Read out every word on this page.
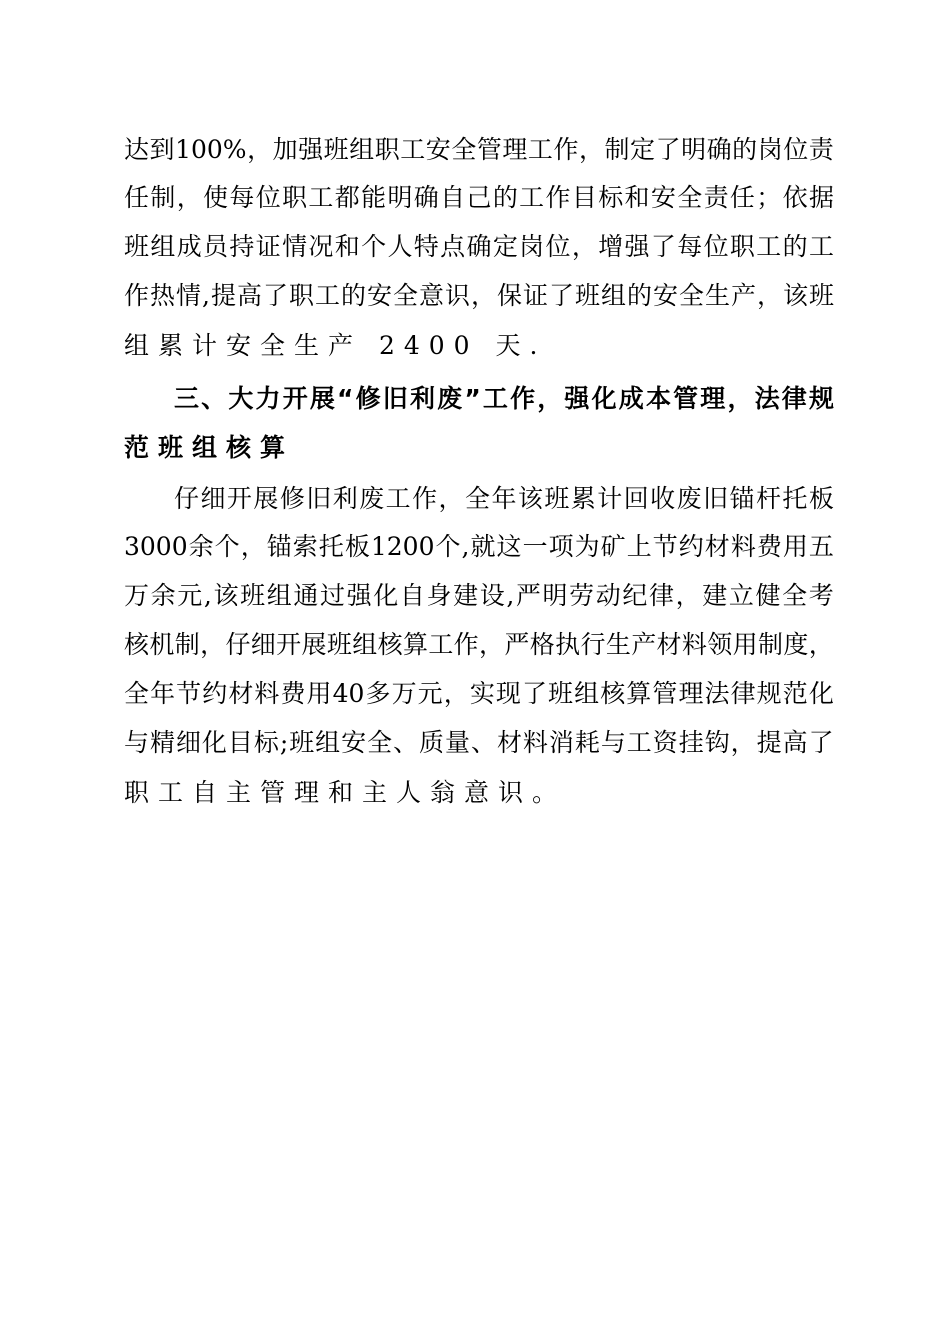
达 到 100% ， 加 强 班 组 职 工 安 全 管 理 工 作 ， 制 定 了 明 确 的 岗 位 责
任 制 ， 使 每 位 职 工 都 能 明 确 自 己 的 工 作 目 标 和 安 全 责 任 ； 依 据
班 组 成 员 持 证 情 况 和 个 人 特 点 确 定 岗 位 ， 增 强 了 每 位 职 工 的 工
作 热 情 , 提 高 了 职 工 的 安 全 意 识 ， 保 证 了 班 组 的 安 全 生 产 ， 该 班
组累计安全生产 2400 天.
三 、 大 力 开 展 “ 修 旧 利 废 ” 工 作 ， 强 化 成 本 管 理 ， 法 律 规
范班组核算
仔 细 开 展 修 旧 利 废 工 作 ， 全 年 该 班 累 计 回 收 废 旧 锚 杆 托 板
3000 余 个 ， 锚 索 托 板 1200 个 , 就 这 一 项 为 矿 上 节 约 材 料 费 用 五
万 余 元 , 该 班 组 通 过 强 化 自 身 建 设 , 严 明 劳 动 纪 律 ， 建 立 健 全 考
核 机 制 ， 仔 细 开 展 班 组 核 算 工 作 ， 严 格 执 行 生 产 材 料 领 用 制 度 ，
全 年 节 约 材 料 费 用 40 多 万 元 ， 实 现 了 班 组 核 算 管 理 法 律 规 范 化
与 精 细 化 目 标 ; 班 组 安 全 、 质 量 、 材 料 消 耗 与 工 资 挂 钩 ， 提 高 了
职工自主管理和主人翁意识。
